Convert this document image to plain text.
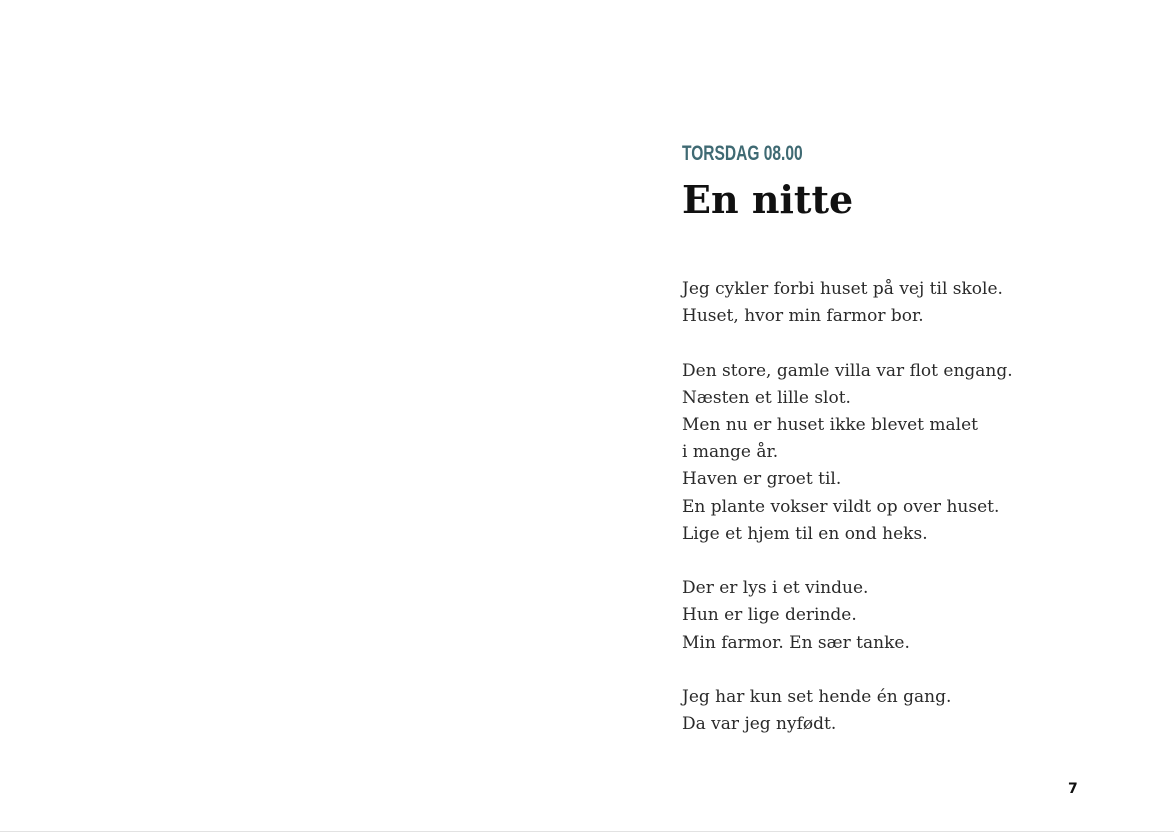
TORSDAG 08.00
En nitte

Jeg cykler forbi huset på vej til skole.
Huset, hvor min farmor bor.

Den store, gamle villa var flot engang.
Næsten et lille slot.
Men nu er huset ikke blevet malet
i mange år.
Haven er groet til.
En plante vokser vildt op over huset.
Lige et hjem til en ond heks.

Der er lys i et vindue.
Hun er lige derinde.
Min farmor. En sær tanke.

Jeg har kun set hende én gang.
Da var jeg nyfødt.

7
